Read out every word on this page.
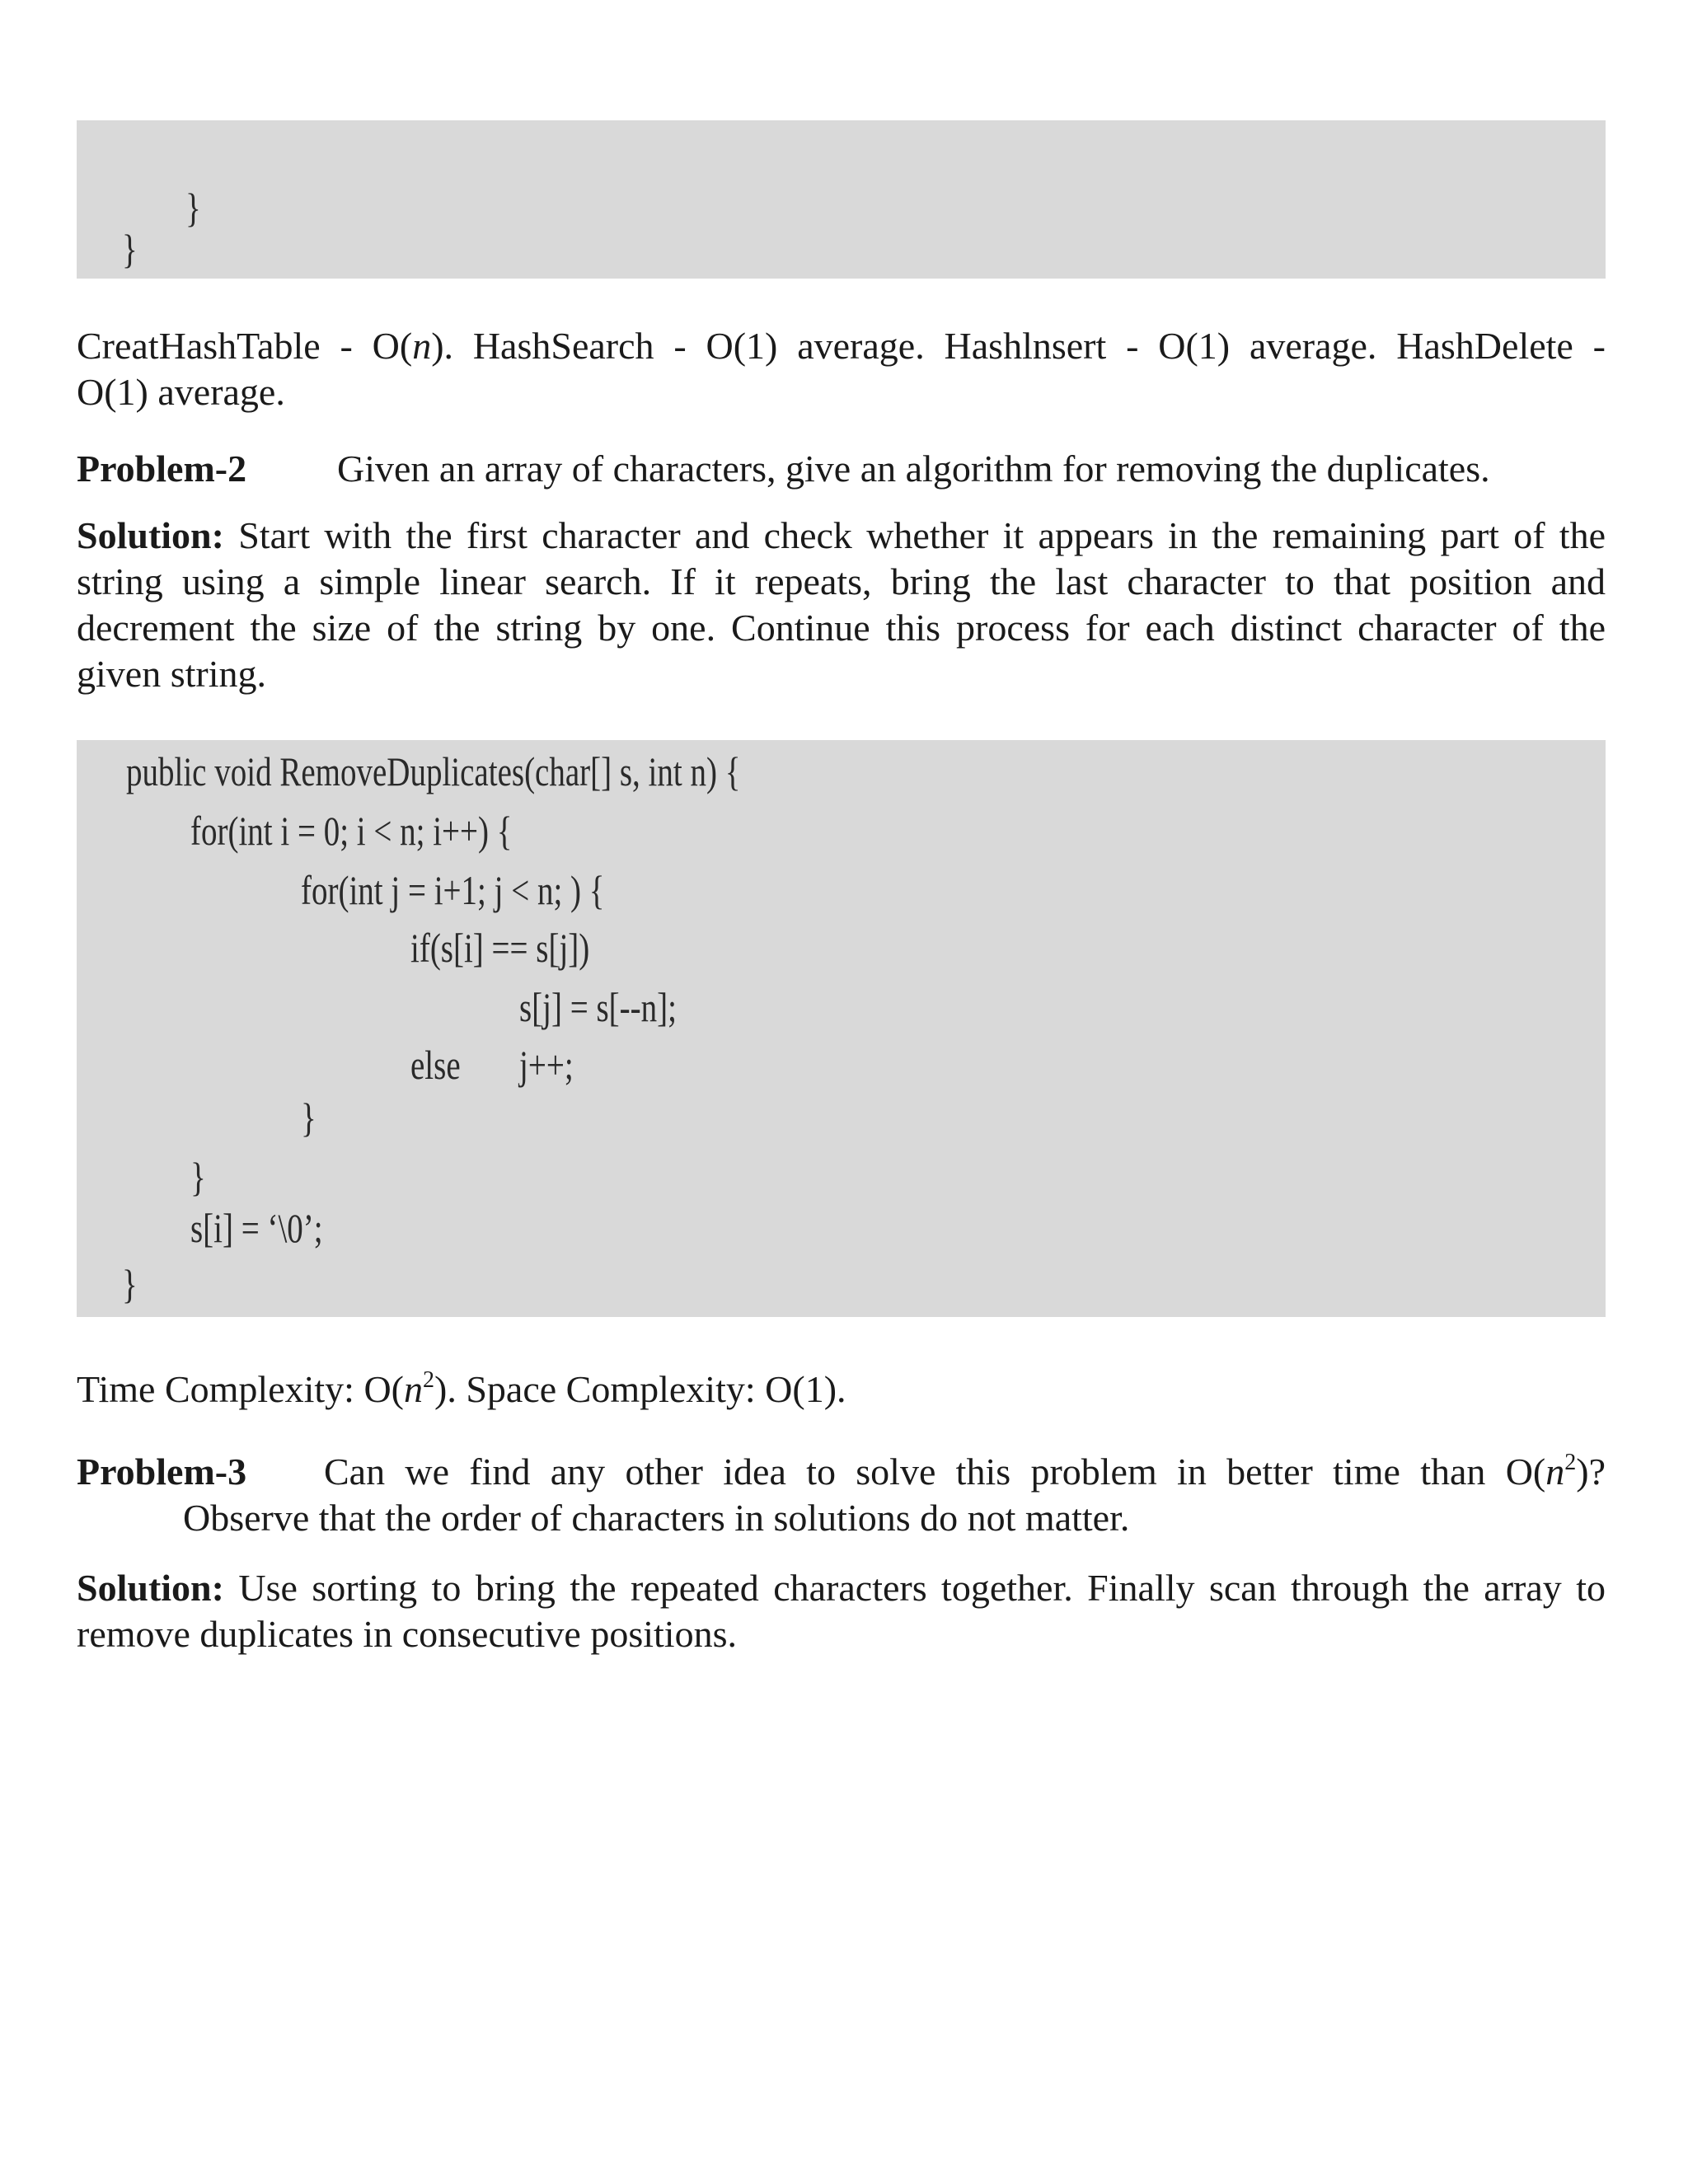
}
}

CreatHashTable - O(n). HashSearch - O(1) average. Hashlnsert - O(1) average. HashDelete -

O(1) average.

Problem-2 Given an array of characters, give an algorithm for removing the duplicates.

Solution: Start with the first character and check whether it appears in the remaining part of the

string using a simple linear search. If it repeats, bring the last character to that position and

decrement the size of the string by one. Continue this process for each distinct character of the

given string.

public void RemoveDuplicates(char[] s, int n) {
for(int i = 0; i < n; i++) {
for(int j = i+1; j < n; ) {
if(s[i] == s[j])
s[j] = s[--n];
else j++;
}
}
s[i] = ‘\0’;
}

Time Complexity: $O(n^2)$. Space Complexity: O(1).

Problem-3 Can we find any other idea to solve this problem in better time than $O(n^2)$?

Observe that the order of characters in solutions do not matter.

Solution: Use sorting to bring the repeated characters together. Finally scan through the array to

remove duplicates in consecutive positions.
